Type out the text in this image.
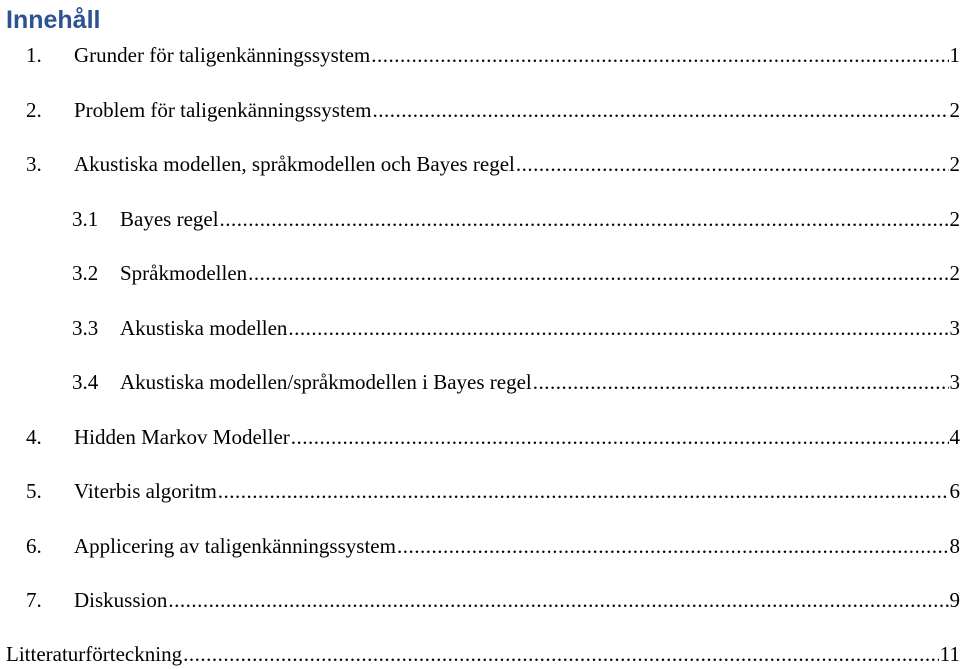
Innehåll
1.	Grunder för taligenkänningssystem .....	1
2.	Problem för taligenkänningssystem .....	2
3.	Akustiska modellen, språkmodellen och Bayes regel .....	2
3.1	Bayes regel .....	2
3.2	Språkmodellen .....	2
3.3	Akustiska modellen .....	3
3.4	Akustiska modellen/språkmodellen i Bayes regel .....	3
4.	Hidden Markov Modeller .....	4
5.	Viterbis algoritm .....	6
6.	Applicering av taligenkänningssystem .....	8
7.	Diskussion .....	9
Litteraturförteckning .....	11
